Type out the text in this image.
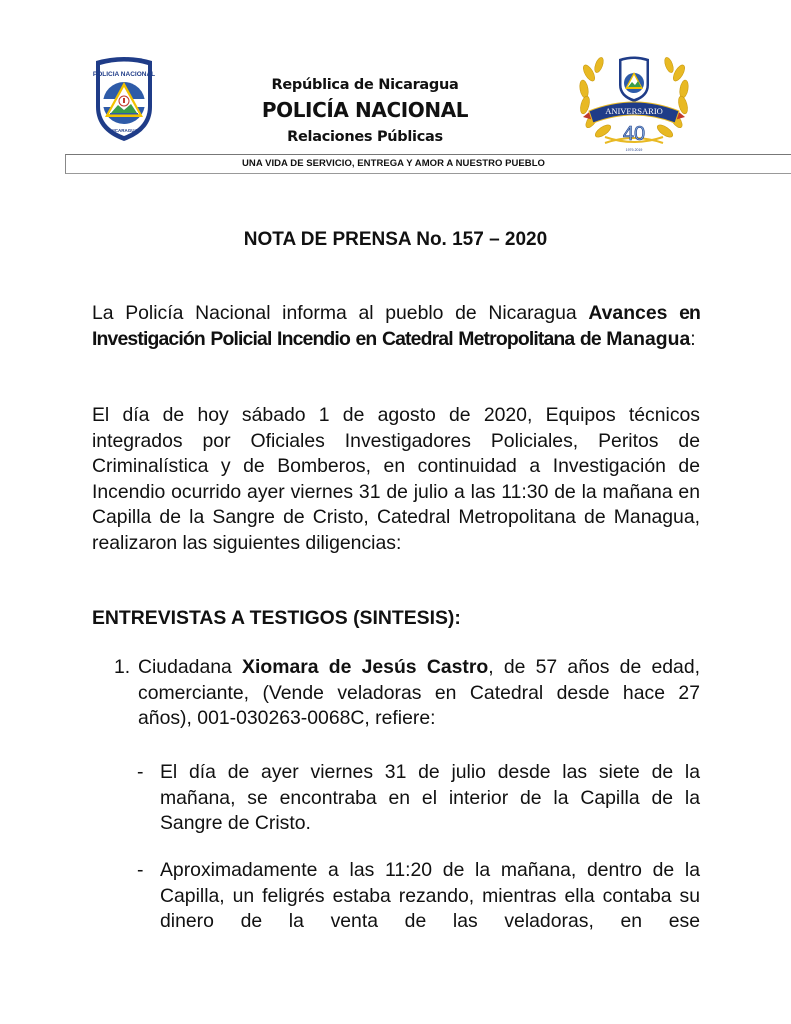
POLICIA NACIONAL
NICARAGUA
República de Nicaragua
POLICÍA NACIONAL
Relaciones Públicas
ANIVERSARIO
40
1979-2019
UNA VIDA DE SERVICIO, ENTREGA Y AMOR A NUESTRO PUEBLO
NOTA DE PRENSA No. 157 – 2020
La Policía Nacional informa al pueblo de Nicaragua Avances en Investigación Policial Incendio en Catedral Metropolitana de Managua:
El día de hoy sábado 1 de agosto de 2020, Equipos técnicos integrados por Oficiales Investigadores Policiales, Peritos de Criminalística y de Bomberos, en continuidad a Investigación de Incendio ocurrido ayer viernes 31 de julio a las 11:30 de la mañana en Capilla de la Sangre de Cristo, Catedral Metropolitana de Managua, realizaron las siguientes diligencias:
ENTREVISTAS A TESTIGOS (SINTESIS):
1. Ciudadana Xiomara de Jesús Castro, de 57 años de edad, comerciante, (Vende veladoras en Catedral desde hace 27 años), 001-030263-0068C, refiere:
- El día de ayer viernes 31 de julio desde las siete de la mañana, se encontraba en el interior de la Capilla de la Sangre de Cristo.
- Aproximadamente a las 11:20 de la mañana, dentro de la Capilla, un feligrés estaba rezando, mientras ella contaba su dinero de la venta de las veladoras, en ese
